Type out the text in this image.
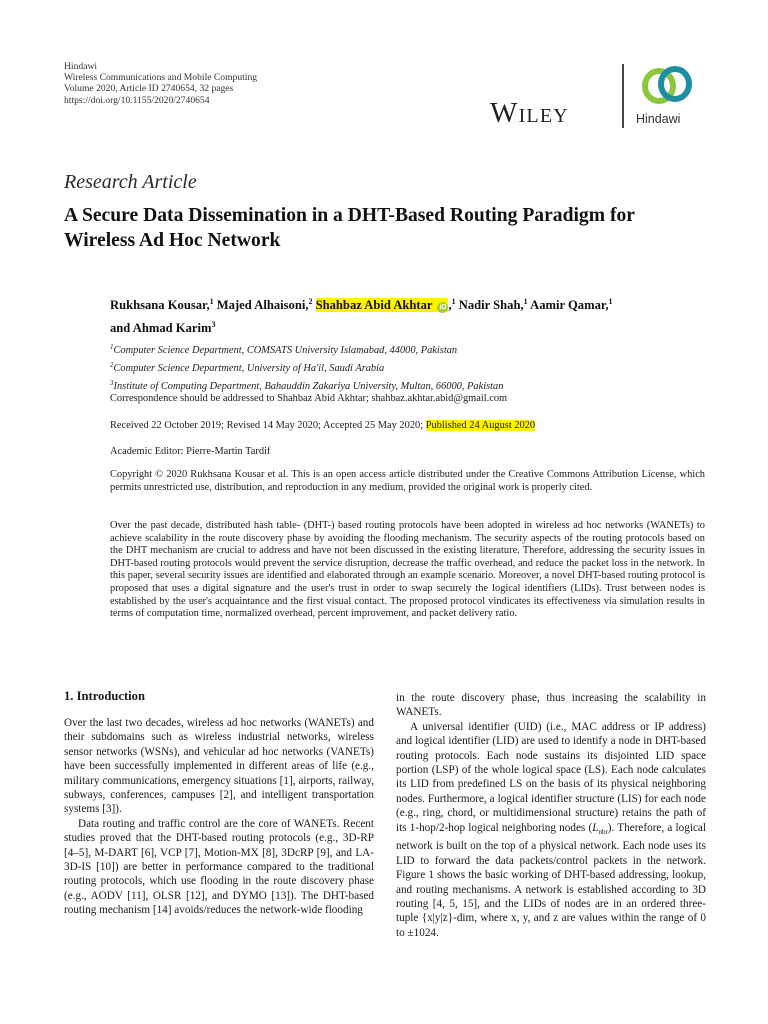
Hindawi
Wireless Communications and Mobile Computing
Volume 2020, Article ID 2740654, 32 pages
https://doi.org/10.1155/2020/2740654	Wiley	Hindawi
Research Article
A Secure Data Dissemination in a DHT-Based Routing Paradigm for Wireless Ad Hoc Network
Rukhsana Kousar,$^1$ Majed Alhaisoni,$^2$ Shahbaz Abid Akhtar iD ,$^1$ Nadir Shah,$^1$ Aamir Qamar,$^1$
and Ahmad Karim$^3$
$^1$Computer Science Department, COMSATS University Islamabad, 44000, Pakistan
$^2$Computer Science Department, University of Ha'il, Saudi Arabia
$^3$Institute of Computing Department, Bahauddin Zakariya University, Multan, 66000, Pakistan
Correspondence should be addressed to Shahbaz Abid Akhtar; shahbaz.akhtar.abid@gmail.com
Received 22 October 2019; Revised 14 May 2020; Accepted 25 May 2020; Published 24 August 2020
Academic Editor: Pierre-Martin Tardif
Copyright © 2020 Rukhsana Kousar et al. This is an open access article distributed under the Creative Commons Attribution License, which permits unrestricted use, distribution, and reproduction in any medium, provided the original work is properly cited.
Over the past decade, distributed hash table- (DHT-) based routing protocols have been adopted in wireless ad hoc networks (WANETs) to achieve scalability in the route discovery phase by avoiding the flooding mechanism. The security aspects of the routing protocols based on the DHT mechanism are crucial to address and have not been discussed in the existing literature. Therefore, addressing the security issues in DHT-based routing protocols would prevent the service disruption, decrease the traffic overhead, and reduce the packet loss in the network. In this paper, several security issues are identified and elaborated through an example scenario. Moreover, a novel DHT-based routing protocol is proposed that uses a digital signature and the user's trust in order to swap securely the logical identifiers (LIDs). Trust between nodes is established by the user's acquaintance and the first visual contact. The proposed protocol vindicates its effectiveness via simulation results in terms of computation time, normalized overhead, percent improvement, and packet delivery ratio.
1. Introduction

Over the last two decades, wireless ad hoc networks (WANETs) and their subdomains such as wireless industrial networks, wireless sensor networks (WSNs), and vehicular ad hoc networks (VANETs) have been successfully implemented in different areas of life (e.g., military communications, emergency situations [1], airports, railway, subways, conferences, campuses [2], and intelligent transportation systems [3]).

Data routing and traffic control are the core of WANETs. Recent studies proved that the DHT-based routing protocols (e.g., 3D-RP [4–5], M-DART [6], VCP [7], Motion-MX [8], 3DcRP [9], and LA-3D-IS [10]) are better in performance compared to the traditional routing protocols, which use flooding in the route discovery phase (e.g., AODV [11], OLSR [12], and DYMO [13]). The DHT-based routing mechanism [14] avoids/reduces the network-wide flooding

in the route discovery phase, thus increasing the scalability in WANETs.

A universal identifier (UID) (i.e., MAC address or IP address) and logical identifier (LID) are used to identify a node in DHT-based routing protocols. Each node sustains its disjointed LID space portion (LSP) of the whole logical space (LS). Each node calculates its LID from predefined LS on the basis of its physical neighboring nodes. Furthermore, a logical identifier structure (LIS) for each node (e.g., ring, chord, or multidimensional structure) retains the path of its 1-hop/2-hop logical neighboring nodes $(L_{nbr})$. Therefore, a logical network is built on the top of a physical network. Each node uses its LID to forward the data packets/control packets in the network. Figure 1 shows the basic working of DHT-based addressing, lookup, and routing mechanisms. A network is established according to 3D routing [4, 5, 15], and the LIDs of nodes are in an ordered three-tuple {x|y|z}-dim, where x, y, and z are values within the range of 0 to ±1024.
